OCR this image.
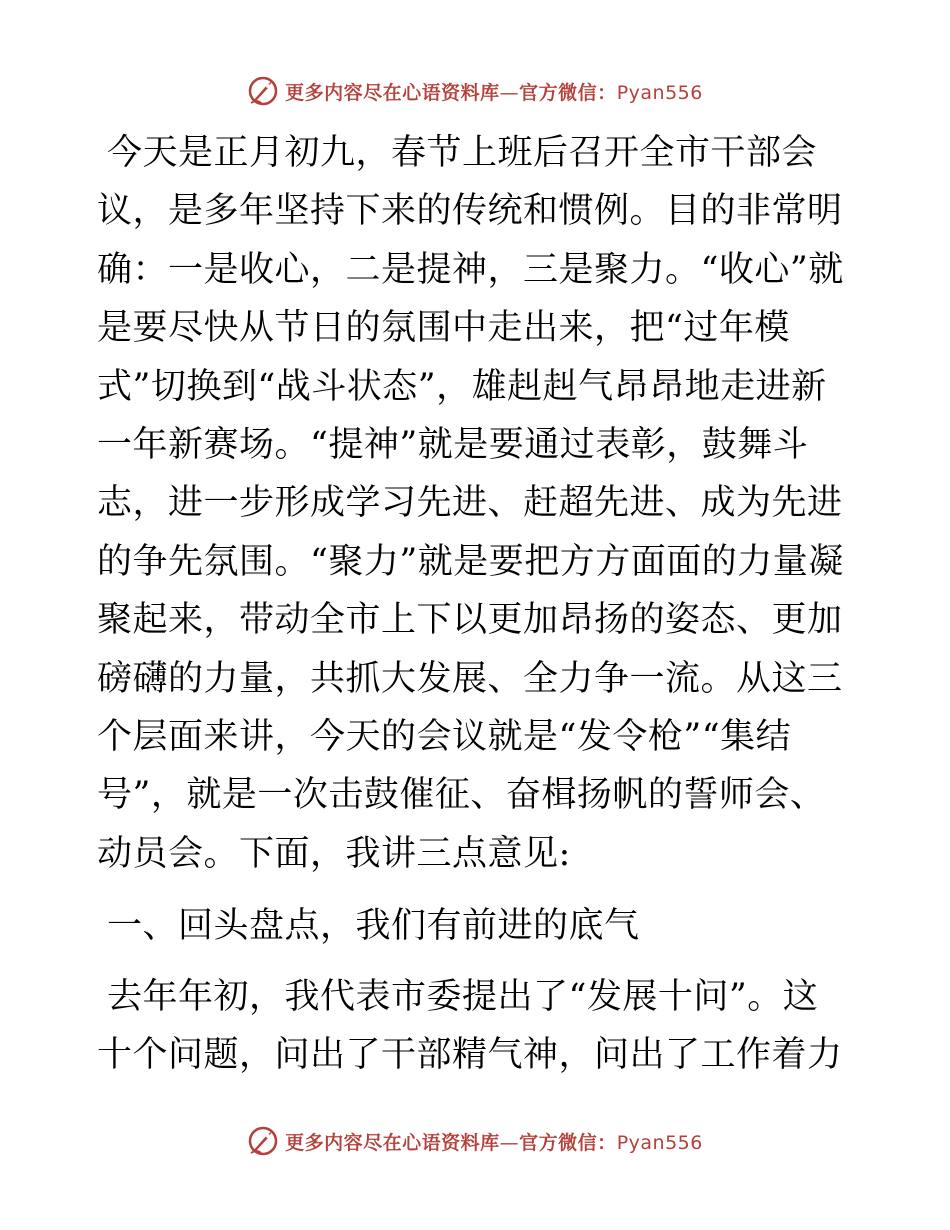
更多内容尽在心语资料库—官方微信：Pyan556

今天是正月初九，春节上班后召开全市干部会议，是多年坚持下来的传统和惯例。目的非常明确：一是收心，二是提神，三是聚力。“收心”就是要尽快从节日的氛围中走出来，把“过年模式”切换到“战斗状态”，雄赳赳气昂昂地走进新一年新赛场。“提神”就是要通过表彰，鼓舞斗志，进一步形成学习先进、赶超先进、成为先进的争先氛围。“聚力”就是要把方方面面的力量凝聚起来，带动全市上下以更加昂扬的姿态、更加磅礴的力量，共抓大发展、全力争一流。从这三个层面来讲，今天的会议就是“发令枪”“集结号”，就是一次击鼓催征、奋楫扬帆的誓师会、动员会。下面，我讲三点意见:

一、回头盘点，我们有前进的底气

去年年初，我代表市委提出了“发展十问”。这十个问题，问出了干部精气神，问出了工作着力

更多内容尽在心语资料库—官方微信：Pyan556
